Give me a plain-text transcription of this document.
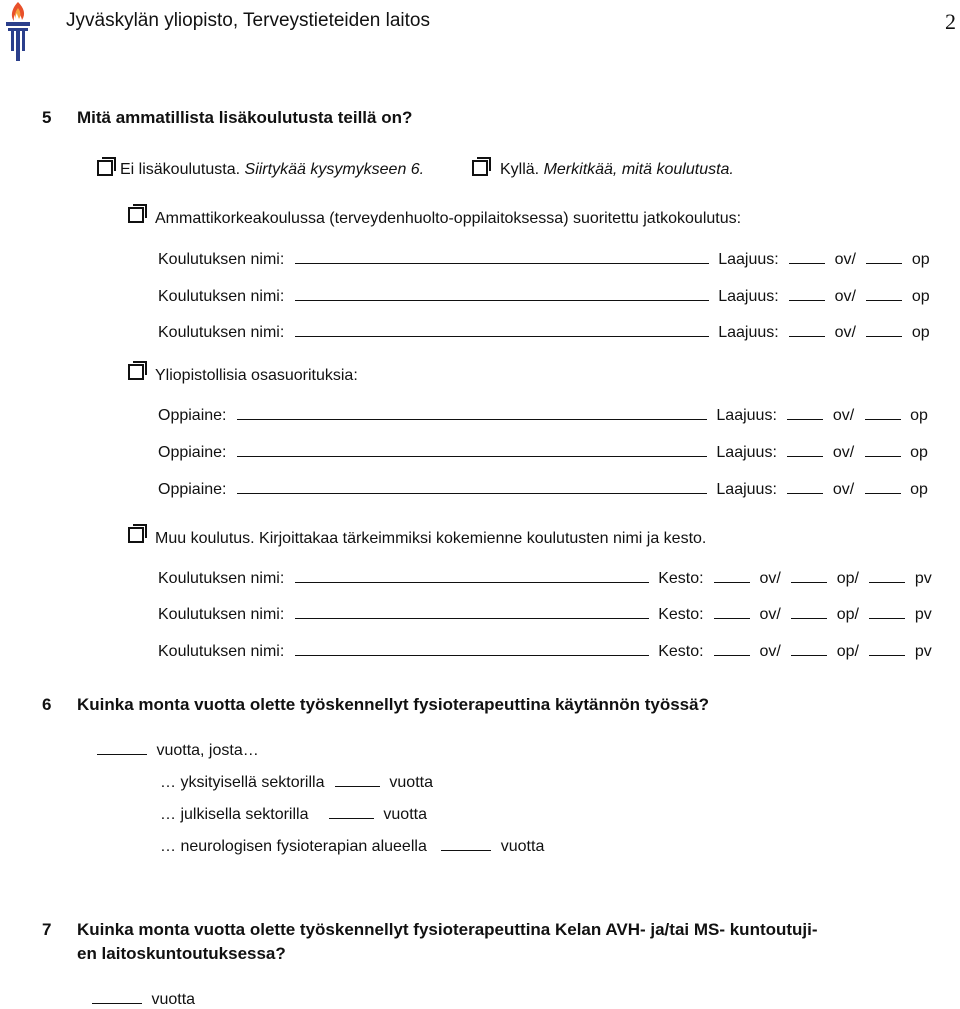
Jyväskylän yliopisto, Terveystieteiden laitos	2
5 Mitä ammatillista lisäkoulutusta teillä on?
Ei lisäkoulutusta. Siirtykää kysymykseen 6.	Kyllä. Merkitkää, mitä koulutusta.
Ammattikorkeakoulussa (terveydenhuolto-oppilaitoksessa) suoritettu jatkokoulutus:
Koulutuksen nimi:	Laajuus:	ov/	op
Koulutuksen nimi:	Laajuus:	ov/	op
Koulutuksen nimi:	Laajuus:	ov/	op
Yliopistollisia osasuorituksia:
Oppiaine:	Laajuus:	ov/	op
Oppiaine:	Laajuus:	ov/	op
Oppiaine:	Laajuus:	ov/	op
Muu koulutus. Kirjoittakaa tärkeimmiksi kokemienne koulutusten nimi ja kesto.
Koulutuksen nimi:	Kesto:	ov/	op/	pv
Koulutuksen nimi:	Kesto:	ov/	op/	pv
Koulutuksen nimi:	Kesto:	ov/	op/	pv
6 Kuinka monta vuotta olette työskennellyt fysioterapeuttina käytännön työssä?
vuotta, josta…
… yksityisellä sektorilla	vuotta
… julkisella sektorilla	vuotta
… neurologisen fysioterapian alueella	vuotta
7 Kuinka monta vuotta olette työskennellyt fysioterapeuttina Kelan AVH- ja/tai MS- kuntoutuji-
en laitoskuntoutuksessa?
vuotta
